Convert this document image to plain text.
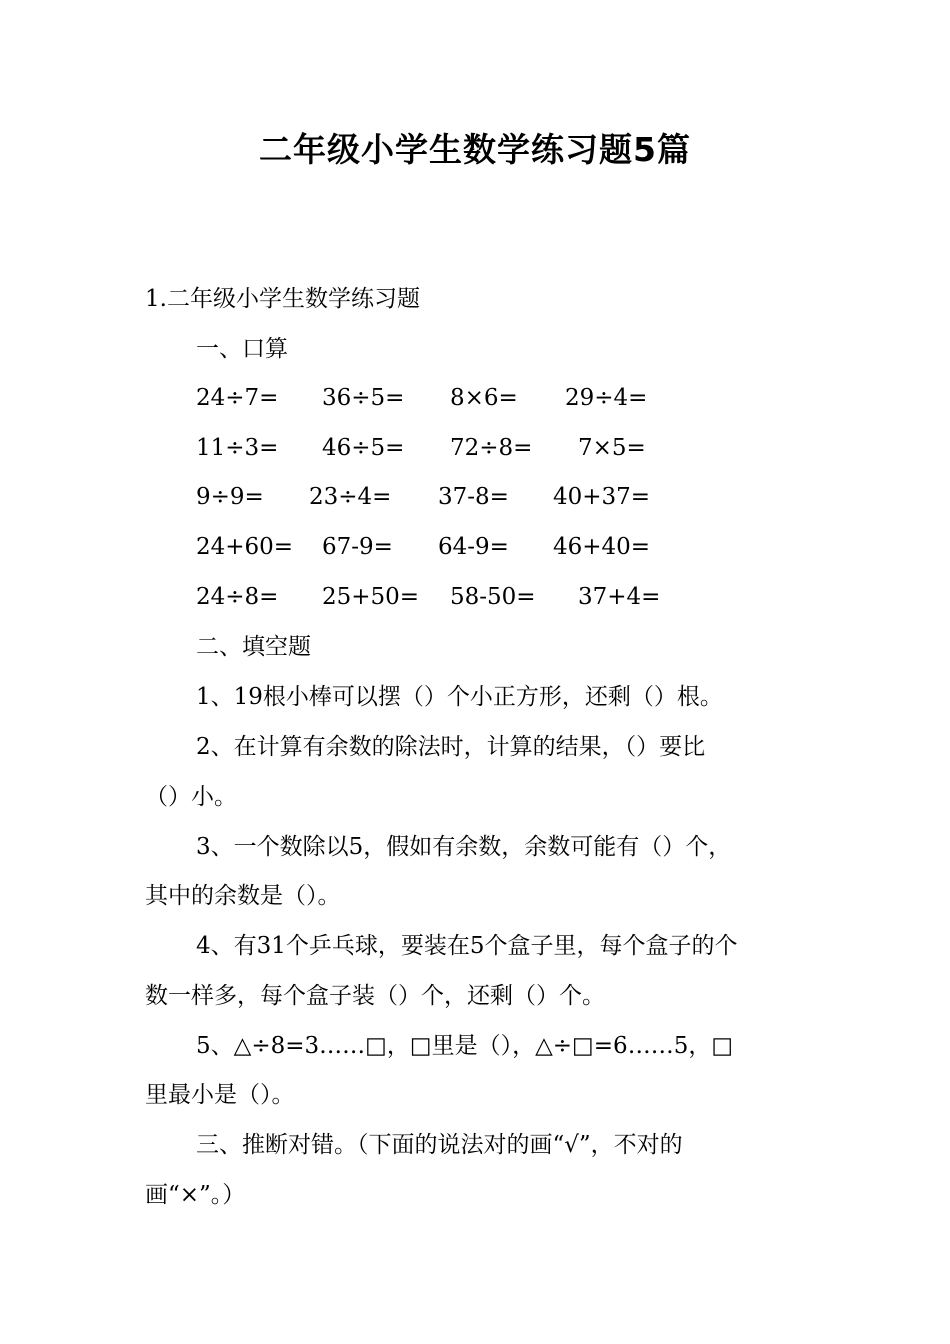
二年级小学生数学练习题5篇
1.二年级小学生数学练习题
一、口算
24÷7= 36÷5= 8×6= 29÷4=
11÷3= 46÷5= 72÷8= 7×5=
9÷9= 23÷4= 37-8= 40+37=
24+60= 67-9= 64-9= 46+40=
24÷8= 25+50= 58-50= 37+4=
二、填空题
1、19根小棒可以摆（）个小正方形，还剩（）根。
2、在计算有余数的除法时，计算的结果，（）要比
（）小。
3、一个数除以5，假如有余数，余数可能有（）个，
其中的余数是（）。
4、有31个乒乓球，要装在5个盒子里，每个盒子的个
数一样多，每个盒子装（）个，还剩（）个。
5、△÷8=3……□，□里是（），△÷□=6……5，□
里最小是（）。
三、推断对错。（下面的说法对的画“√”，不对的
画“×”。）
